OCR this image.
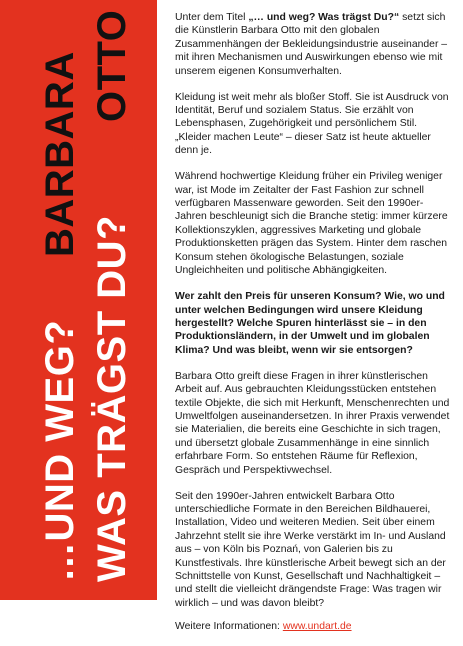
OTTO
BARBARA
WAS TRÄGST DU?
…UND WEG?

Unter dem Titel „… und weg? Was trägst Du?“ setzt sich die Künstlerin Barbara Otto mit den globalen Zusammenhängen der Bekleidungsindustrie auseinander – mit ihren Mechanismen und Auswirkungen ebenso wie mit unserem eigenen Konsumverhalten.

Kleidung ist weit mehr als bloßer Stoff. Sie ist Ausdruck von Identität, Beruf und sozialem Status. Sie erzählt von Lebensphasen, Zugehörigkeit und persönlichem Stil. „Kleider machen Leute“ – dieser Satz ist heute aktueller denn je.

Während hochwertige Kleidung früher ein Privileg weniger war, ist Mode im Zeitalter der Fast Fashion zur schnell verfügbaren Massenware geworden. Seit den 1990er-Jahren beschleunigt sich die Branche stetig: immer kürzere Kollektionszyklen, aggressives Marketing und globale Produktionsketten prägen das System. Hinter dem raschen Konsum stehen ökologische Belastungen, soziale Ungleichheiten und politische Abhängigkeiten.

Wer zahlt den Preis für unseren Konsum? Wie, wo und unter welchen Bedingungen wird unsere Kleidung hergestellt? Welche Spuren hinterlässt sie – in den Produktionsländern, in der Umwelt und im globalen Klima? Und was bleibt, wenn wir sie entsorgen?

Barbara Otto greift diese Fragen in ihrer künstlerischen Arbeit auf. Aus gebrauchten Kleidungsstücken entstehen textile Objekte, die sich mit Herkunft, Menschenrechten und Umweltfolgen auseinandersetzen. In ihrer Praxis verwendet sie Materialien, die bereits eine Geschichte in sich tragen, und übersetzt globale Zusammenhänge in eine sinnlich erfahrbare Form. So entstehen Räume für Reflexion, Gespräch und Perspektivwechsel.

Seit den 1990er-Jahren entwickelt Barbara Otto unterschiedliche Formate in den Bereichen Bildhauerei, Installation, Video und weiteren Medien. Seit über einem Jahrzehnt stellt sie ihre Werke verstärkt im In- und Ausland aus – von Köln bis Poznań, von Galerien bis zu Kunstfestivals. Ihre künstlerische Arbeit bewegt sich an der Schnittstelle von Kunst, Gesellschaft und Nachhaltigkeit – und stellt die vielleicht drängendste Frage: Was tragen wir wirklich – und was davon bleibt?

Weitere Informationen: www.undart.de
